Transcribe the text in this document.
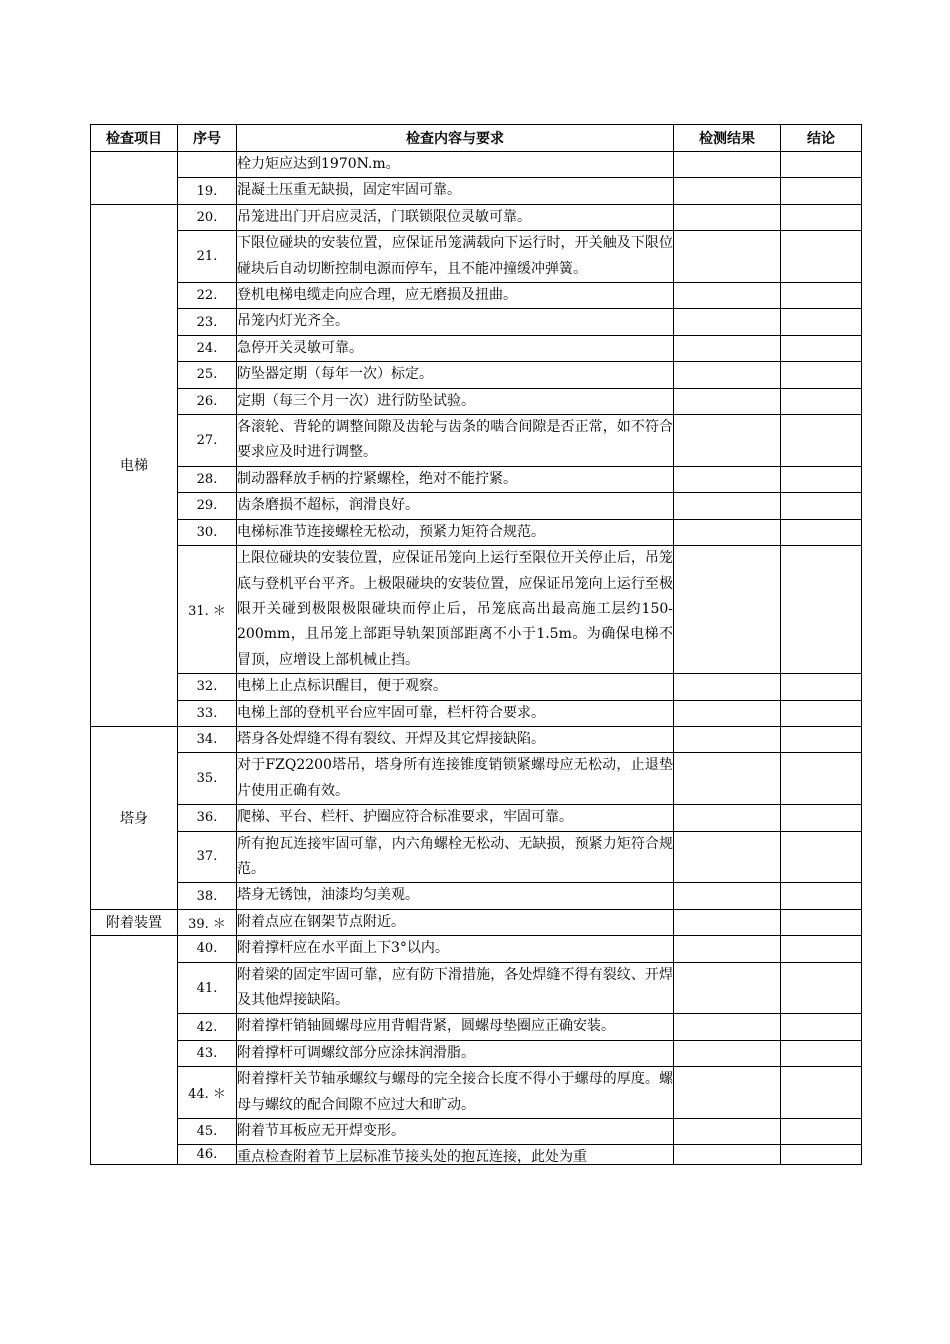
检查项目	序号	检查内容与要求	检测结果	结论
		栓力矩应达到1970N.m。		
	19.	混凝土压重无缺损，固定牢固可靠。		
电梯	20.	吊笼进出门开启应灵活，门联锁限位灵敏可靠。		
	21.	下限位碰块的安装位置，应保证吊笼满载向下运行时，开关触及下限位碰块后自动切断控制电源而停车，且不能冲撞缓冲弹簧。		
	22.	登机电梯电缆走向应合理，应无磨损及扭曲。		
	23.	吊笼内灯光齐全。		
	24.	急停开关灵敏可靠。		
	25.	防坠器定期（每年一次）标定。		
	26.	定期（每三个月一次）进行防坠试验。		
	27.	各滚轮、背轮的调整间隙及齿轮与齿条的啮合间隙是否正常，如不符合要求应及时进行调整。		
	28.	制动器释放手柄的拧紧螺栓，绝对不能拧紧。		
	29.	齿条磨损不超标，润滑良好。		
	30.	电梯标准节连接螺栓无松动，预紧力矩符合规范。		
	31. ＊	上限位碰块的安装位置，应保证吊笼向上运行至限位开关停止后，吊笼底与登机平台平齐。上极限碰块的安装位置，应保证吊笼向上运行至极限开关碰到极限极限碰块而停止后，吊笼底高出最高施工层约150-200mm，且吊笼上部距导轨架顶部距离不小于1.5m。为确保电梯不冒顶，应增设上部机械止挡。		
	32.	电梯上止点标识醒目，便于观察。		
	33.	电梯上部的登机平台应牢固可靠，栏杆符合要求。		
塔身	34.	塔身各处焊缝不得有裂纹、开焊及其它焊接缺陷。		
	35.	对于FZQ2200塔吊，塔身所有连接锥度销锁紧螺母应无松动，止退垫片使用正确有效。		
	36.	爬梯、平台、栏杆、护圈应符合标准要求，牢固可靠。		
	37.	所有抱瓦连接牢固可靠，内六角螺栓无松动、无缺损，预紧力矩符合规范。		
	38.	塔身无锈蚀，油漆均匀美观。		
附着装置	39. ＊	附着点应在钢架节点附近。		
	40.	附着撑杆应在水平面上下3°以内。		
	41.	附着梁的固定牢固可靠，应有防下滑措施，各处焊缝不得有裂纹、开焊及其他焊接缺陷。		
	42.	附着撑杆销轴圆螺母应用背帽背紧，圆螺母垫圈应正确安装。		
	43.	附着撑杆可调螺纹部分应涂抹润滑脂。		
	44. ＊	附着撑杆关节轴承螺纹与螺母的完全接合长度不得小于螺母的厚度。螺母与螺纹的配合间隙不应过大和旷动。		
	45.	附着节耳板应无开焊变形。		
	46.	重点检查附着节上层标准节接头处的抱瓦连接，此处为重		
